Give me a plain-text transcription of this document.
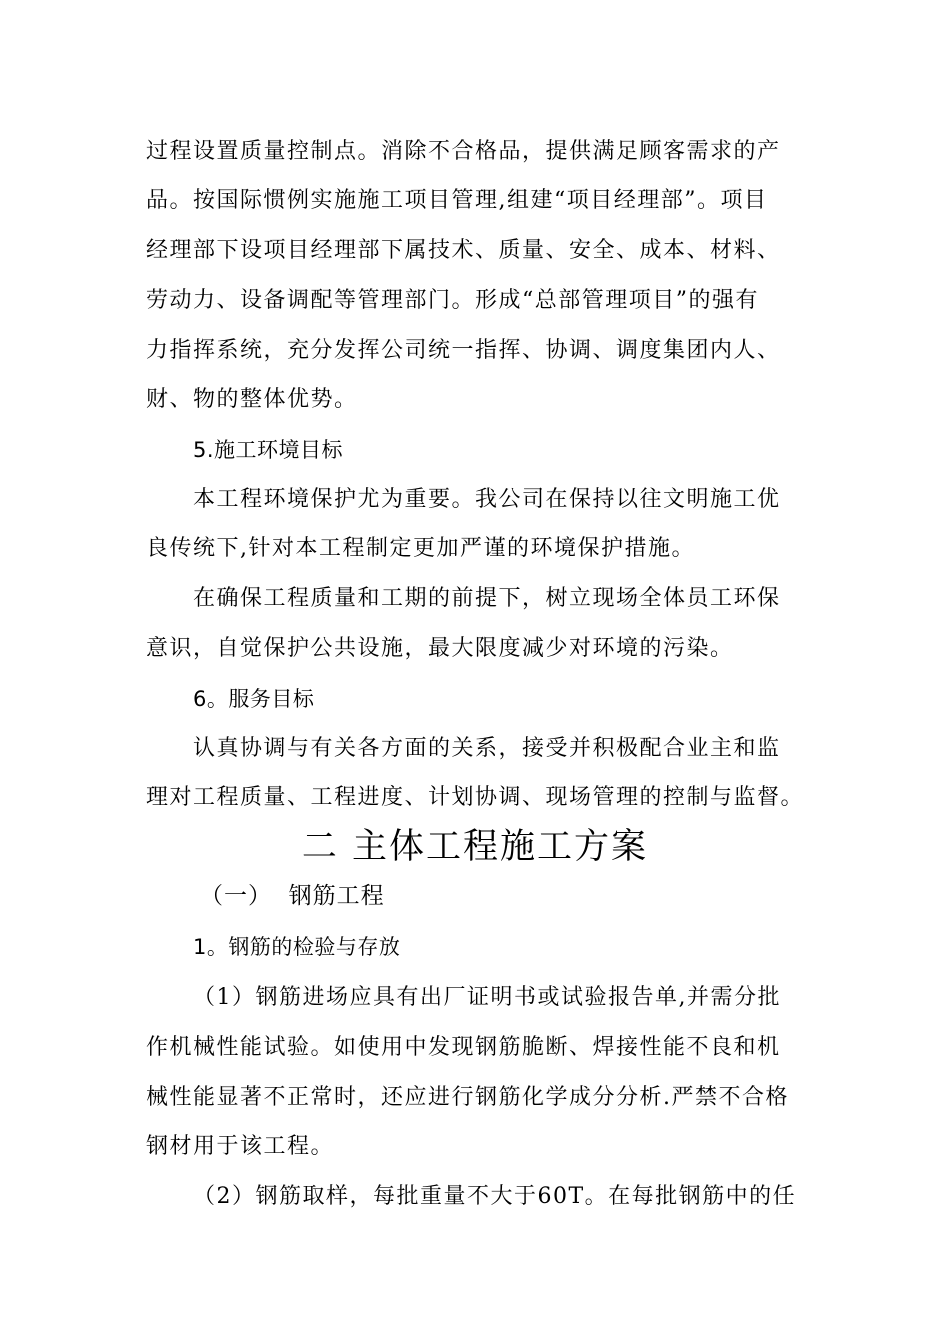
过程设置质量控制点。消除不合格品，提供满足顾客需求的产
品。按国际惯例实施施工项目管理,组建“项目经理部”。项目
经理部下设项目经理部下属技术、质量、安全、成本、材料、
劳动力、设备调配等管理部门。形成“总部管理项目”的强有
力指挥系统，充分发挥公司统一指挥、协调、调度集团内人、
财、物的整体优势。
5.施工环境目标
本工程环境保护尤为重要。我公司在保持以往文明施工优
良传统下,针对本工程制定更加严谨的环境保护措施。
在确保工程质量和工期的前提下，树立现场全体员工环保
意识，自觉保护公共设施，最大限度减少对环境的污染。
6。服务目标
认真协调与有关各方面的关系，接受并积极配合业主和监
理对工程质量、工程进度、计划协调、现场管理的控制与监督。
二 主体工程施工方案
（一）  钢筋工程
1。钢筋的检验与存放
（1）钢筋进场应具有出厂证明书或试验报告单,并需分批
作机械性能试验。如使用中发现钢筋脆断、焊接性能不良和机
械性能显著不正常时，还应进行钢筋化学成分分析.严禁不合格
钢材用于该工程。
（2）钢筋取样，每批重量不大于60T。在每批钢筋中的任
